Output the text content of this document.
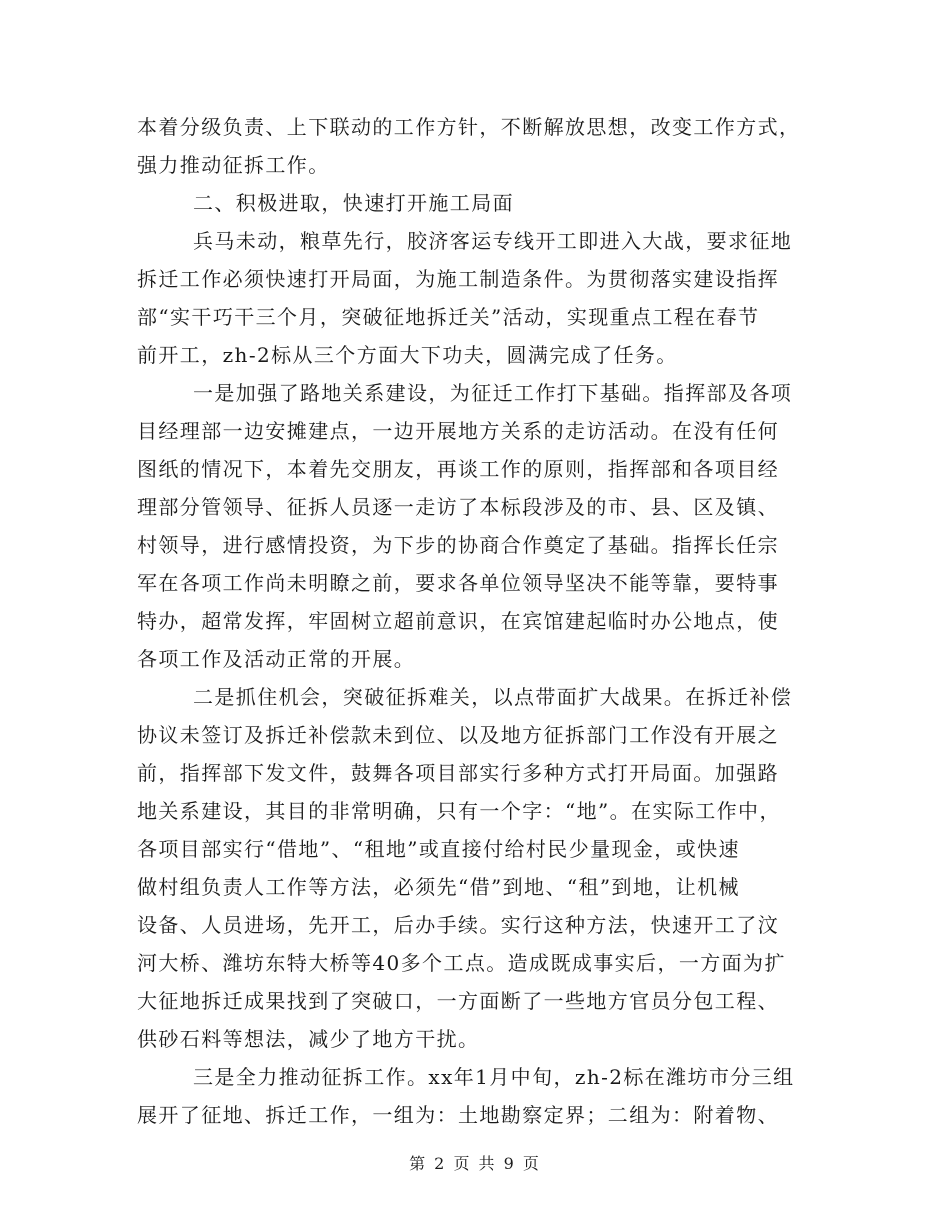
本着分级负责、上下联动的工作方针，不断解放思想，改变工作方式，
强力推动征拆工作。
二、积极进取，快速打开施工局面
兵马未动，粮草先行，胶济客运专线开工即进入大战，要求征地
拆迁工作必须快速打开局面，为施工制造条件。为贯彻落实建设指挥
部“实干巧干三个月，突破征地拆迁关”活动，实现重点工程在春节
前开工，zh-2标从三个方面大下功夫，圆满完成了任务。
一是加强了路地关系建设，为征迁工作打下基础。指挥部及各项
目经理部一边安摊建点，一边开展地方关系的走访活动。在没有任何
图纸的情况下，本着先交朋友，再谈工作的原则，指挥部和各项目经
理部分管领导、征拆人员逐一走访了本标段涉及的市、县、区及镇、
村领导，进行感情投资，为下步的协商合作奠定了基础。指挥长任宗
军在各项工作尚未明瞭之前，要求各单位领导坚决不能等靠，要特事
特办，超常发挥，牢固树立超前意识，在宾馆建起临时办公地点，使
各项工作及活动正常的开展。
二是抓住机会，突破征拆难关，以点带面扩大战果。在拆迁补偿
协议未签订及拆迁补偿款未到位、以及地方征拆部门工作没有开展之
前，指挥部下发文件，鼓舞各项目部实行多种方式打开局面。加强路
地关系建设，其目的非常明确，只有一个字：“地”。在实际工作中，
各项目部实行“借地”、“租地”或直接付给村民少量现金，或快速
做村组负责人工作等方法，必须先“借”到地、“租”到地，让机械
设备、人员进场，先开工，后办手续。实行这种方法，快速开工了汶
河大桥、潍坊东特大桥等40多个工点。造成既成事实后，一方面为扩
大征地拆迁成果找到了突破口，一方面断了一些地方官员分包工程、
供砂石料等想法，减少了地方干扰。
三是全力推动征拆工作。xx年1月中旬，zh-2标在潍坊市分三组
展开了征地、拆迁工作，一组为：土地勘察定界；二组为：附着物、
第 2 页 共 9 页
